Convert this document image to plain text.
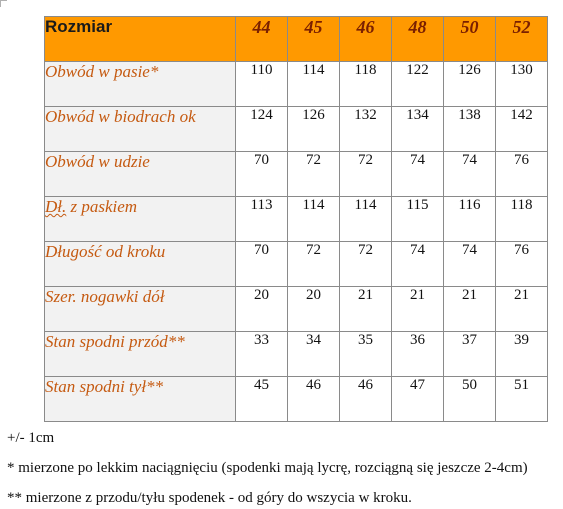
Rozmiar	44	45	46	48	50	52
Obwód w pasie*	110	114	118	122	126	130
Obwód w biodrach ok	124	126	132	134	138	142
Obwód w udzie	70	72	72	74	74	76
Dł. z paskiem	113	114	114	115	116	118
Długość od kroku	70	72	72	74	74	76
Szer. nogawki dół	20	20	21	21	21	21
Stan spodni przód**	33	34	35	36	37	39
Stan spodni tył**	45	46	46	47	50	51
+/- 1cm
* mierzone po lekkim naciągnięciu (spodenki mają lycrę, rozciągną się jeszcze 2-4cm)
** mierzone z przodu/tyłu spodenek - od góry do wszycia w kroku.
